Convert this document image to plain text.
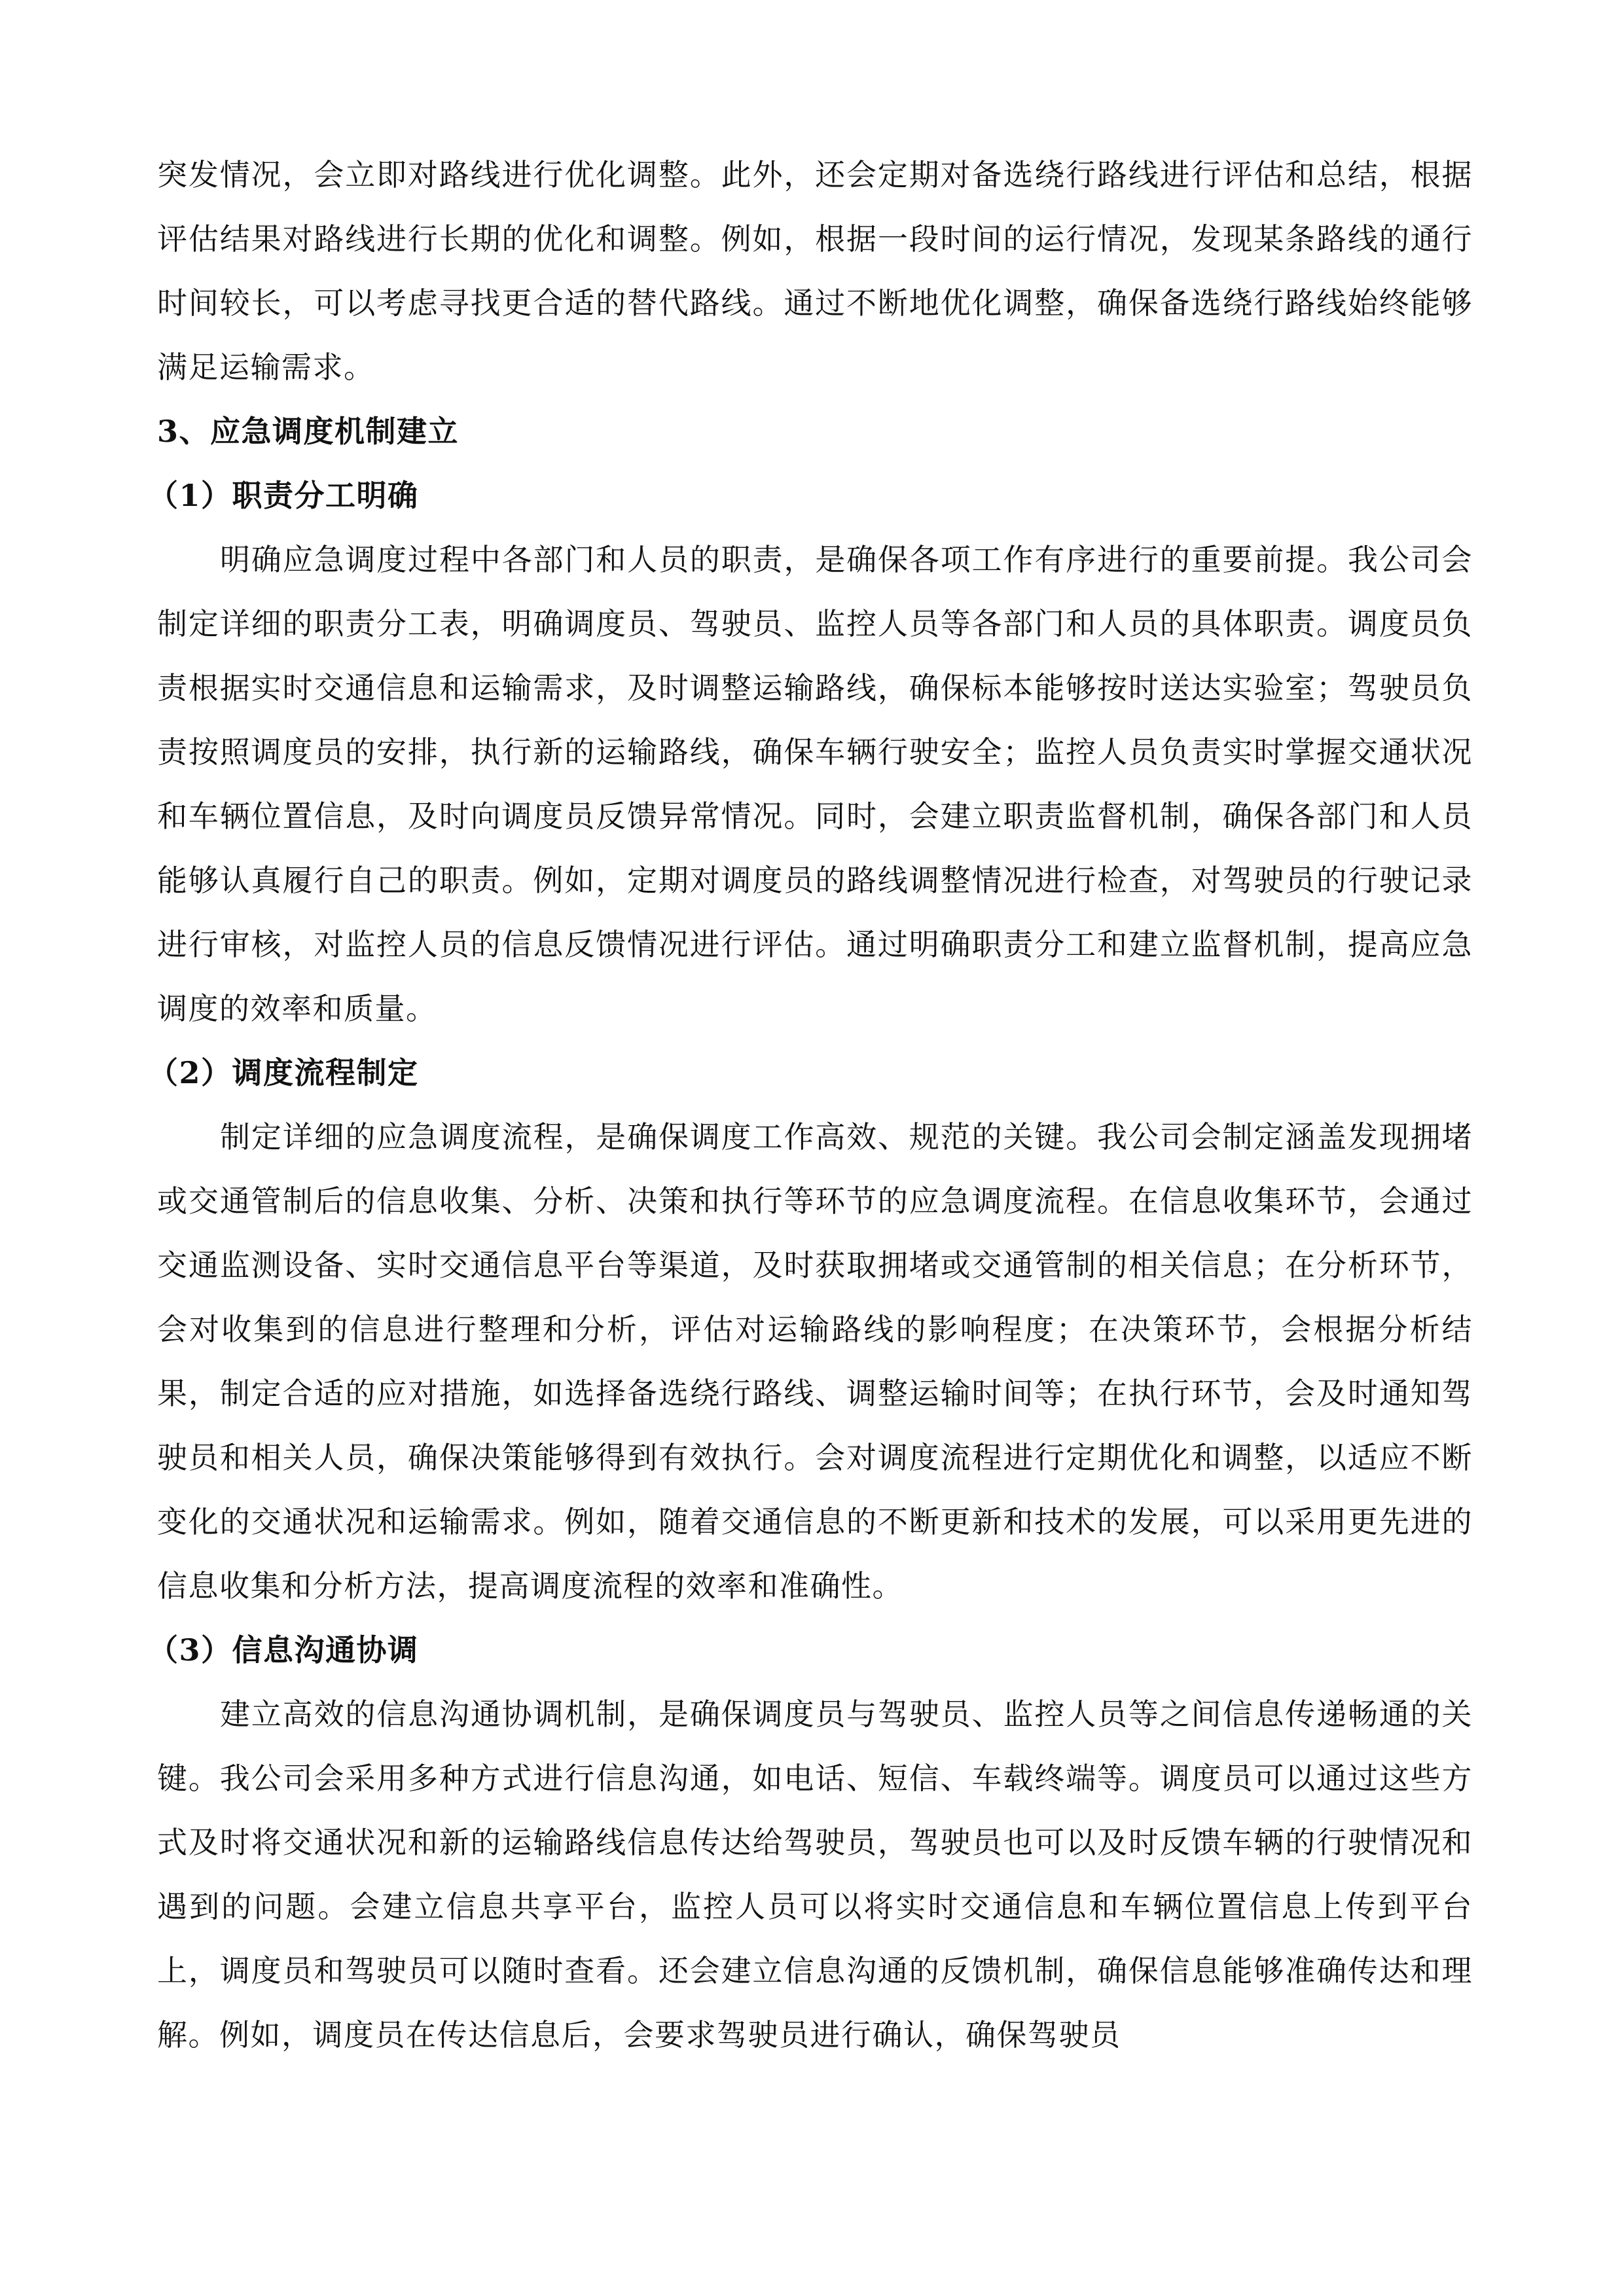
突发情况，会立即对路线进行优化调整。此外，还会定期对备选绕行路线进行评估和总结，根据评估结果对路线进行长期的优化和调整。例如，根据一段时间的运行情况，发现某条路线的通行时间较长，可以考虑寻找更合适的替代路线。通过不断地优化调整，确保备选绕行路线始终能够满足运输需求。

3、应急调度机制建立

（1）职责分工明确

明确应急调度过程中各部门和人员的职责，是确保各项工作有序进行的重要前提。我公司会制定详细的职责分工表，明确调度员、驾驶员、监控人员等各部门和人员的具体职责。调度员负责根据实时交通信息和运输需求，及时调整运输路线，确保标本能够按时送达实验室；驾驶员负责按照调度员的安排，执行新的运输路线，确保车辆行驶安全；监控人员负责实时掌握交通状况和车辆位置信息，及时向调度员反馈异常情况。同时，会建立职责监督机制，确保各部门和人员能够认真履行自己的职责。例如，定期对调度员的路线调整情况进行检查，对驾驶员的行驶记录进行审核，对监控人员的信息反馈情况进行评估。通过明确职责分工和建立监督机制，提高应急调度的效率和质量。

（2）调度流程制定

制定详细的应急调度流程，是确保调度工作高效、规范的关键。我公司会制定涵盖发现拥堵或交通管制后的信息收集、分析、决策和执行等环节的应急调度流程。在信息收集环节，会通过交通监测设备、实时交通信息平台等渠道，及时获取拥堵或交通管制的相关信息；在分析环节，会对收集到的信息进行整理和分析，评估对运输路线的影响程度；在决策环节，会根据分析结果，制定合适的应对措施，如选择备选绕行路线、调整运输时间等；在执行环节，会及时通知驾驶员和相关人员，确保决策能够得到有效执行。会对调度流程进行定期优化和调整，以适应不断变化的交通状况和运输需求。例如，随着交通信息的不断更新和技术的发展，可以采用更先进的信息收集和分析方法，提高调度流程的效率和准确性。

（3）信息沟通协调

建立高效的信息沟通协调机制，是确保调度员与驾驶员、监控人员等之间信息传递畅通的关键。我公司会采用多种方式进行信息沟通，如电话、短信、车载终端等。调度员可以通过这些方式及时将交通状况和新的运输路线信息传达给驾驶员，驾驶员也可以及时反馈车辆的行驶情况和遇到的问题。会建立信息共享平台，监控人员可以将实时交通信息和车辆位置信息上传到平台上，调度员和驾驶员可以随时查看。还会建立信息沟通的反馈机制，确保信息能够准确传达和理解。例如，调度员在传达信息后，会要求驾驶员进行确认，确保驾驶员
